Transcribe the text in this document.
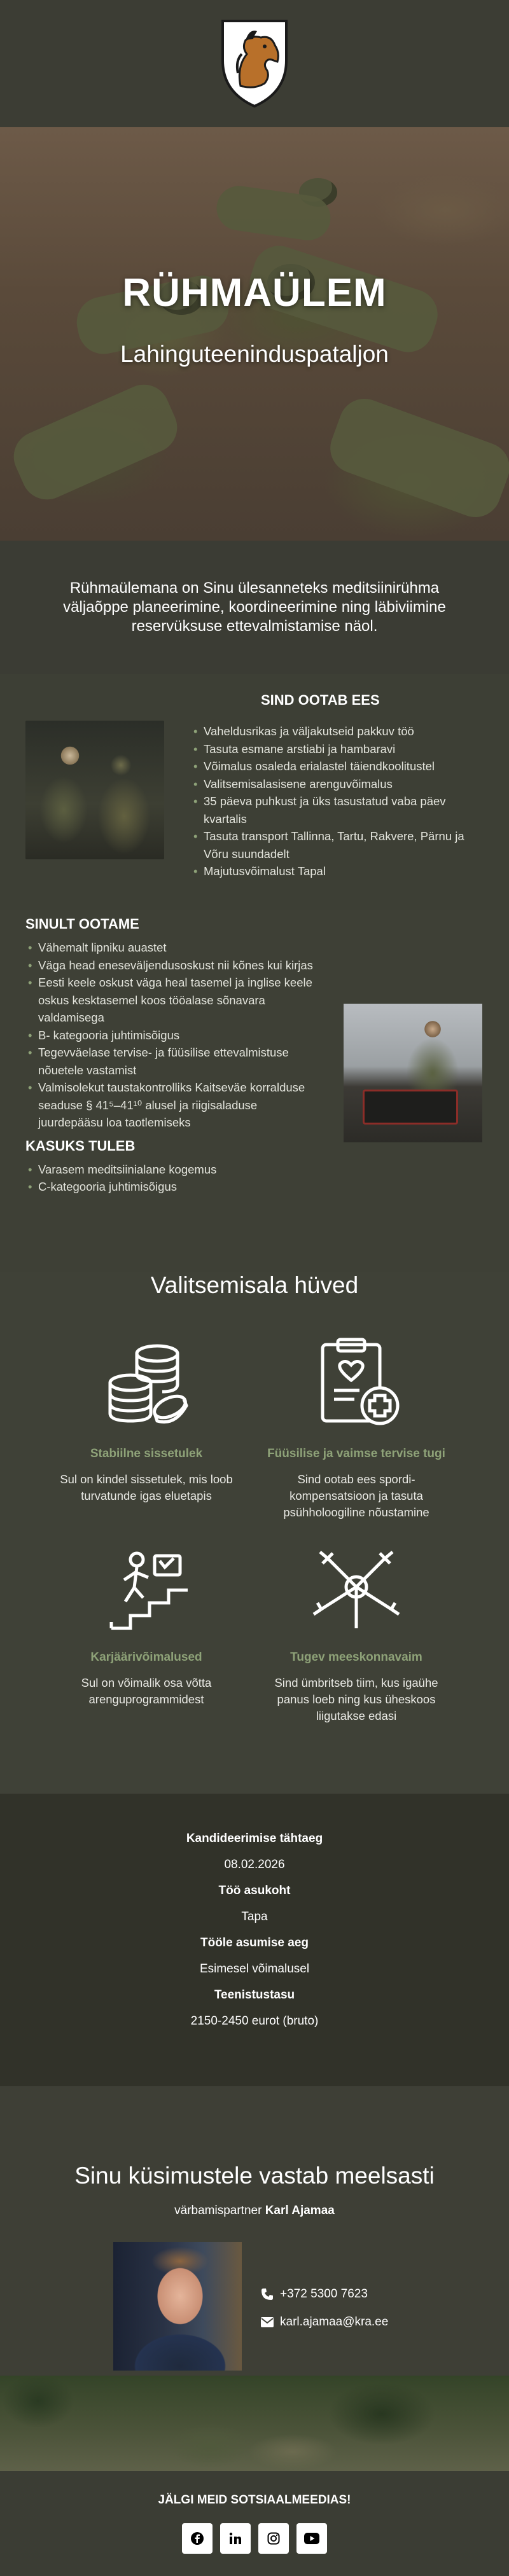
RÜHMAÜLEM
Lahinguteeninduspataljon

Rühmaülemana on Sinu ülesanneteks meditsiinirühma väljaõppe planeerimine, koordineerimine ning läbiviimine reservüksuse ettevalmistamise näol.

SIND OOTAB EES
• Vaheldusrikas ja väljakutseid pakkuv töö
• Tasuta esmane arstiabi ja hambaravi
• Võimalus osaleda erialastel täiendkoolitustel
• Valitsemisalasisene arenguvõimalus
• 35 päeva puhkust ja üks tasustatud vaba päev kvartalis
• Tasuta transport Tallinna, Tartu, Rakvere, Pärnu ja Võru suundadelt
• Majutusvõimalust Tapal
SINULT OOTAME
• Vähemalt lipniku auastet
• Väga head eneseväljendusoskust nii kõnes kui kirjas
• Eesti keele oskust väga heal tasemel ja inglise keele oskus kesktasemel koos tööalase sõnavara valdamisega
• B- kategooria juhtimisõigus
• Tegevväelase tervise- ja füüsilise ettevalmistuse nõuetele vastamist
• Valmisolekut taustakontrolliks Kaitseväe korralduse seaduse § 41⁵–41¹⁰ alusel ja riigisaladuse juurdepääsu loa taotlemiseks
KASUKS TULEB
• Varasem meditsiinialane kogemus
• C-kategooria juhtimisõigus
Valitsemisala hüved
Stabiilne sissetulek
Sul on kindel sissetulek, mis loob turvatunde igas eluetapis
Füüsilise ja vaimse tervise tugi
Sind ootab ees spordi-kompensatsioon ja tasuta psühholoogiline nõustamine
Karjäärivõimalused
Sul on võimalik osa võtta arenguprogrammidest
Tugev meeskonnavaim
Sind ümbritseb tiim, kus igaühe panus loeb ning kus üheskoos liigutakse edasi
Kandideerimise tähtaeg
08.02.2026
Töö asukoht
Tapa
Tööle asumise aeg
Esimesel võimalusel
Teenistustasu
2150-2450 eurot (bruto)
Sinu küsimustele vastab meelsasti
värbamispartner Karl Ajamaa
+372 5300 7623
karl.ajamaa@kra.ee
JÄLGI MEID SOTSIAALMEEDIAS!
